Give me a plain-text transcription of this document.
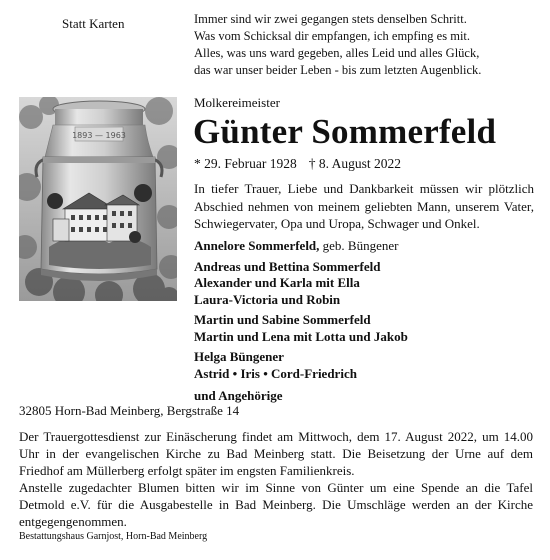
Statt Karten	Immer sind wir zwei gegangen stets denselben Schritt.
Was vom Schicksal dir empfangen, ich empfing es mit.
Alles, was uns ward gegeben, alles Leid und alles Glück,
das war unser beider Leben - bis zum letzten Augenblick.
1893 — 1963
Molkereimeister
Günter Sommerfeld
* 29. Februar 1928 † 8. August 2022
In tiefer Trauer, Liebe und Dankbarkeit müssen wir plötzlich Abschied nehmen von meinem geliebten Mann, unserem Vater, Schwiegervater, Opa und Uropa, Schwager und Onkel.
Annelore Sommerfeld, geb. Büngener
Andreas und Bettina Sommerfeld
Alexander und Karla mit Ella
Laura-Victoria und Robin
Martin und Sabine Sommerfeld
Martin und Lena mit Lotta und Jakob
Helga Büngener
Astrid • Iris • Cord-Friedrich
und Angehörige
32805 Horn-Bad Meinberg, Bergstraße 14
Der Trauergottesdienst zur Einäscherung findet am Mittwoch, dem 17. August 2022, um 14.00 Uhr in der evangelischen Kirche zu Bad Meinberg statt. Die Beisetzung der Urne auf dem Friedhof am Müllerberg erfolgt später im engsten Familienkreis.
Anstelle zugedachter Blumen bitten wir im Sinne von Günter um eine Spende an die Tafel Detmold e.V. für die Ausgabestelle in Bad Meinberg. Die Umschläge werden an der Kirche entgegengenommen.
Bestattungshaus Garnjost, Horn-Bad Meinberg
